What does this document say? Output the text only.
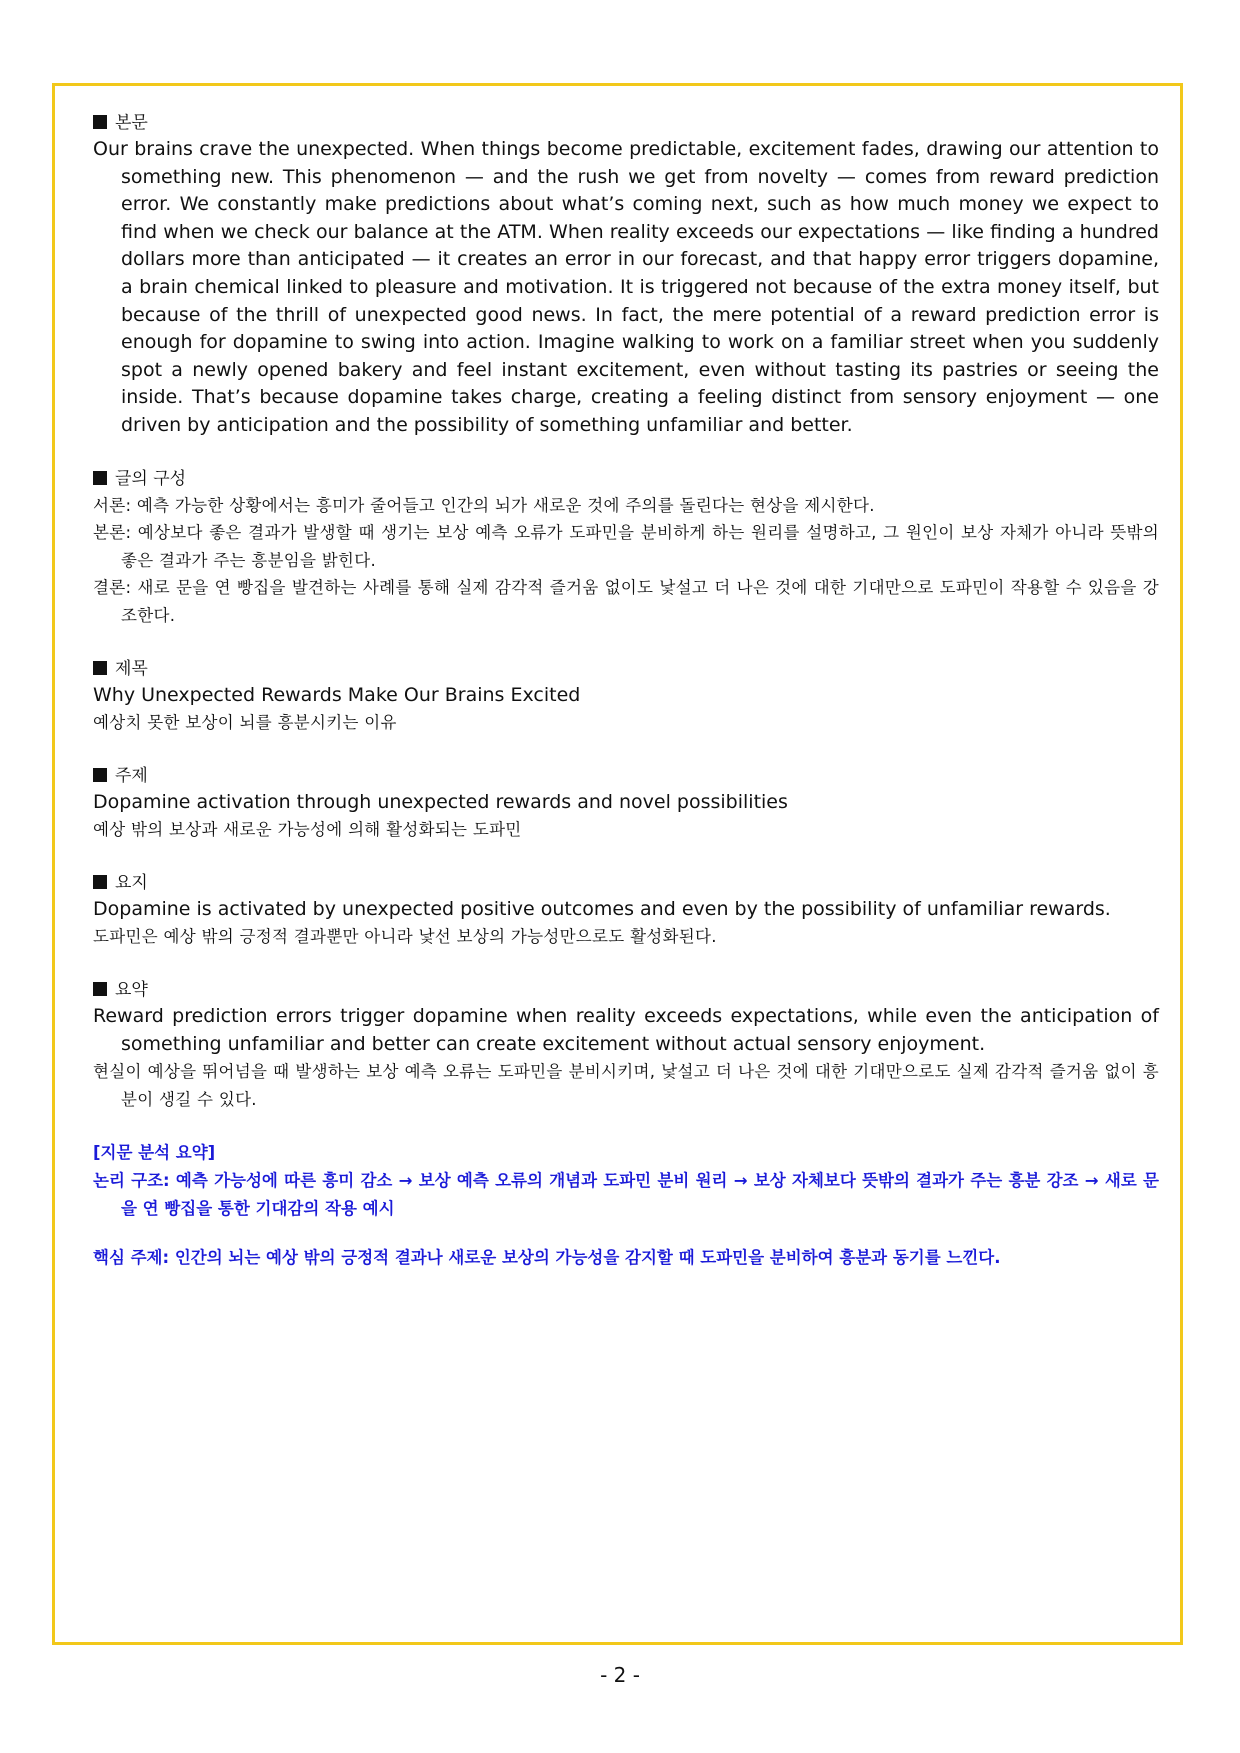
본문
Our brains crave the unexpected. When things become predictable, excitement fades, drawing our attention to something new. This phenomenon — and the rush we get from novelty — comes from reward prediction error. We constantly make predictions about what’s coming next, such as how much money we expect to find when we check our balance at the ATM. When reality exceeds our expectations — like finding a hundred dollars more than anticipated — it creates an error in our forecast, and that happy error triggers dopamine, a brain chemical linked to pleasure and motivation. It is triggered not because of the extra money itself, but because of the thrill of unexpected good news. In fact, the mere potential of a reward prediction error is enough for dopamine to swing into action. Imagine walking to work on a familiar street when you suddenly spot a newly opened bakery and feel instant excitement, even without tasting its pastries or seeing the inside. That’s because dopamine takes charge, creating a feeling distinct from sensory enjoyment — one driven by anticipation and the possibility of something unfamiliar and better.
글의 구성
서론: 예측 가능한 상황에서는 흥미가 줄어들고 인간의 뇌가 새로운 것에 주의를 돌린다는 현상을 제시한다.
본론: 예상보다 좋은 결과가 발생할 때 생기는 보상 예측 오류가 도파민을 분비하게 하는 원리를 설명하고, 그 원인이 보상 자체가 아니라 뜻밖의 좋은 결과가 주는 흥분임을 밝힌다.
결론: 새로 문을 연 빵집을 발견하는 사례를 통해 실제 감각적 즐거움 없이도 낯설고 더 나은 것에 대한 기대만으로 도파민이 작용할 수 있음을 강조한다.
제목
Why Unexpected Rewards Make Our Brains Excited
예상치 못한 보상이 뇌를 흥분시키는 이유
주제
Dopamine activation through unexpected rewards and novel possibilities
예상 밖의 보상과 새로운 가능성에 의해 활성화되는 도파민
요지
Dopamine is activated by unexpected positive outcomes and even by the possibility of unfamiliar rewards.
도파민은 예상 밖의 긍정적 결과뿐만 아니라 낯선 보상의 가능성만으로도 활성화된다.
요약
Reward prediction errors trigger dopamine when reality exceeds expectations, while even the anticipation of something unfamiliar and better can create excitement without actual sensory enjoyment.
현실이 예상을 뛰어넘을 때 발생하는 보상 예측 오류는 도파민을 분비시키며, 낯설고 더 나은 것에 대한 기대만으로도 실제 감각적 즐거움 없이 흥분이 생길 수 있다.
[지문 분석 요약]
논리 구조: 예측 가능성에 따른 흥미 감소 → 보상 예측 오류의 개념과 도파민 분비 원리 → 보상 자체보다 뜻밖의 결과가 주는 흥분 강조 → 새로 문을 연 빵집을 통한 기대감의 작용 예시
핵심 주제: 인간의 뇌는 예상 밖의 긍정적 결과나 새로운 보상의 가능성을 감지할 때 도파민을 분비하여 흥분과 동기를 느낀다.
- 2 -
